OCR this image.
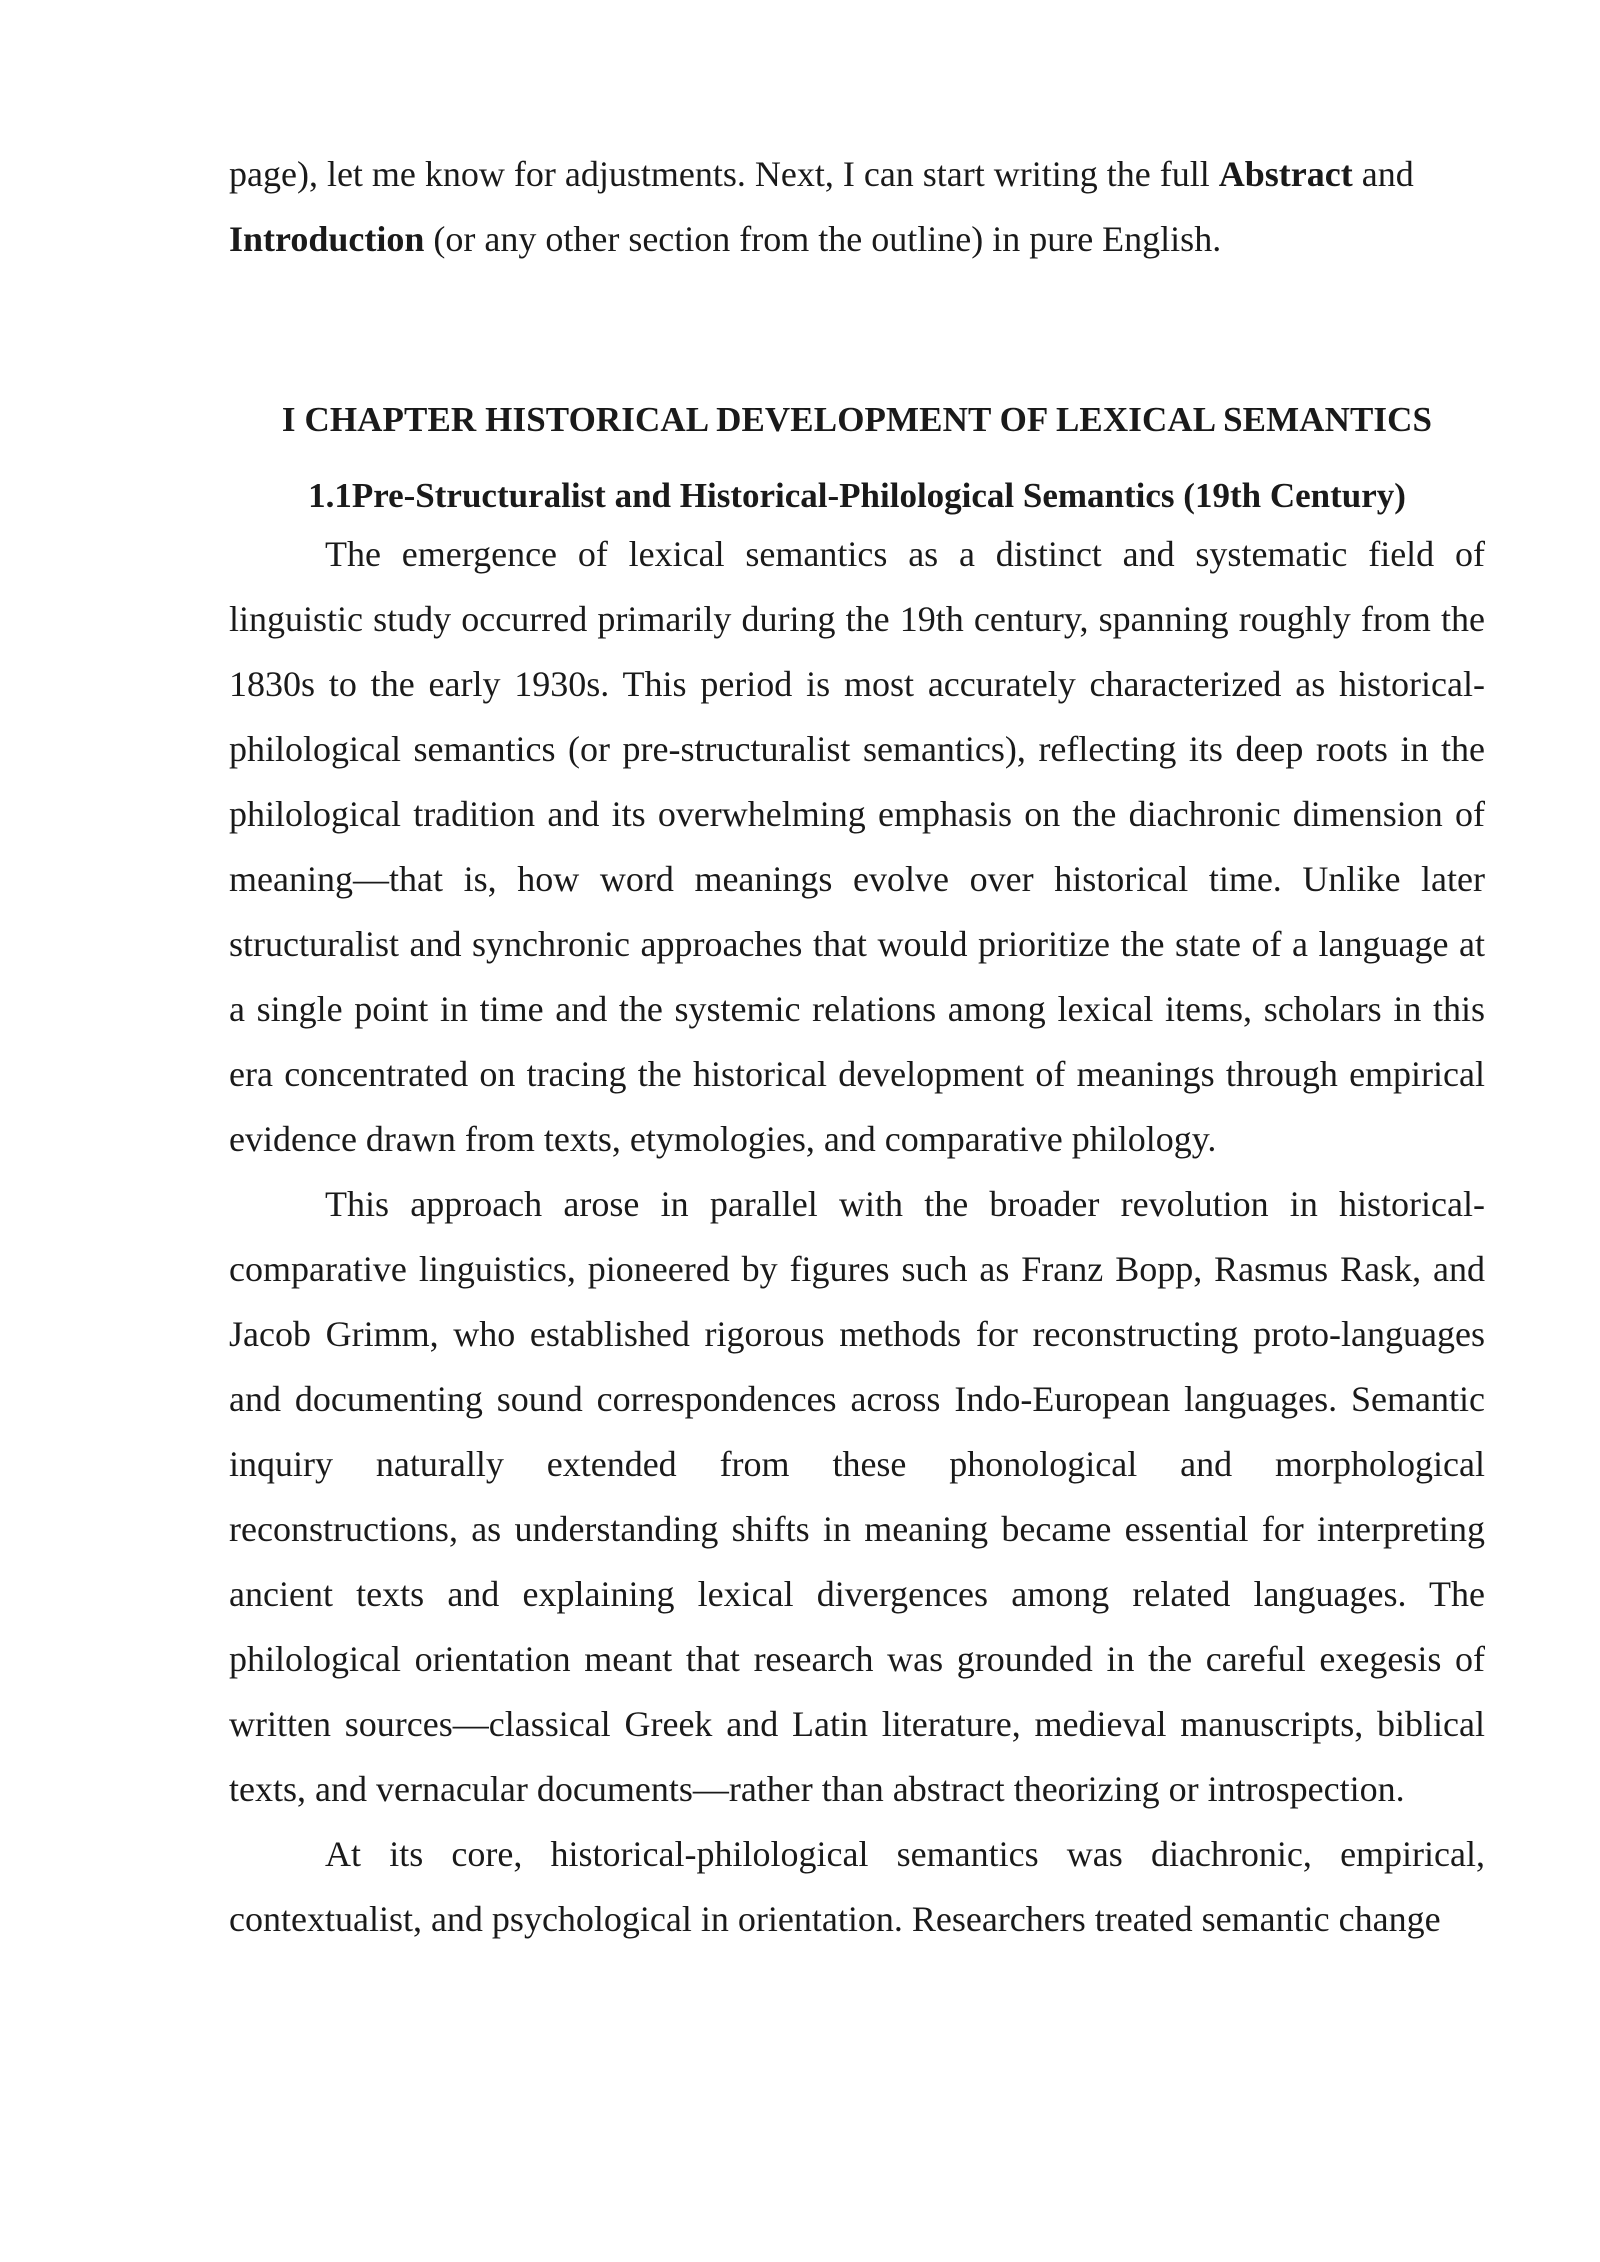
page), let me know for adjustments. Next, I can start writing the full Abstract and
Introduction (or any other section from the outline) in pure English.

I CHAPTER HISTORICAL DEVELOPMENT OF LEXICAL SEMANTICS
1.1Pre-Structuralist and Historical-Philological Semantics (19th Century)

The emergence of lexical semantics as a distinct and systematic field of linguistic study occurred primarily during the 19th century, spanning roughly from the 1830s to the early 1930s. This period is most accurately characterized as historical-philological semantics (or pre-structuralist semantics), reflecting its deep roots in the philological tradition and its overwhelming emphasis on the diachronic dimension of meaning—that is, how word meanings evolve over historical time. Unlike later structuralist and synchronic approaches that would prioritize the state of a language at a single point in time and the systemic relations among lexical items, scholars in this era concentrated on tracing the historical development of meanings through empirical evidence drawn from texts, etymologies, and comparative philology.

This approach arose in parallel with the broader revolution in historical-comparative linguistics, pioneered by figures such as Franz Bopp, Rasmus Rask, and Jacob Grimm, who established rigorous methods for reconstructing proto-languages and documenting sound correspondences across Indo-European languages. Semantic inquiry naturally extended from these phonological and morphological reconstructions, as understanding shifts in meaning became essential for interpreting ancient texts and explaining lexical divergences among related languages. The philological orientation meant that research was grounded in the careful exegesis of written sources—classical Greek and Latin literature, medieval manuscripts, biblical texts, and vernacular documents—rather than abstract theorizing or introspection.

At its core, historical-philological semantics was diachronic, empirical, contextualist, and psychological in orientation. Researchers treated semantic change
